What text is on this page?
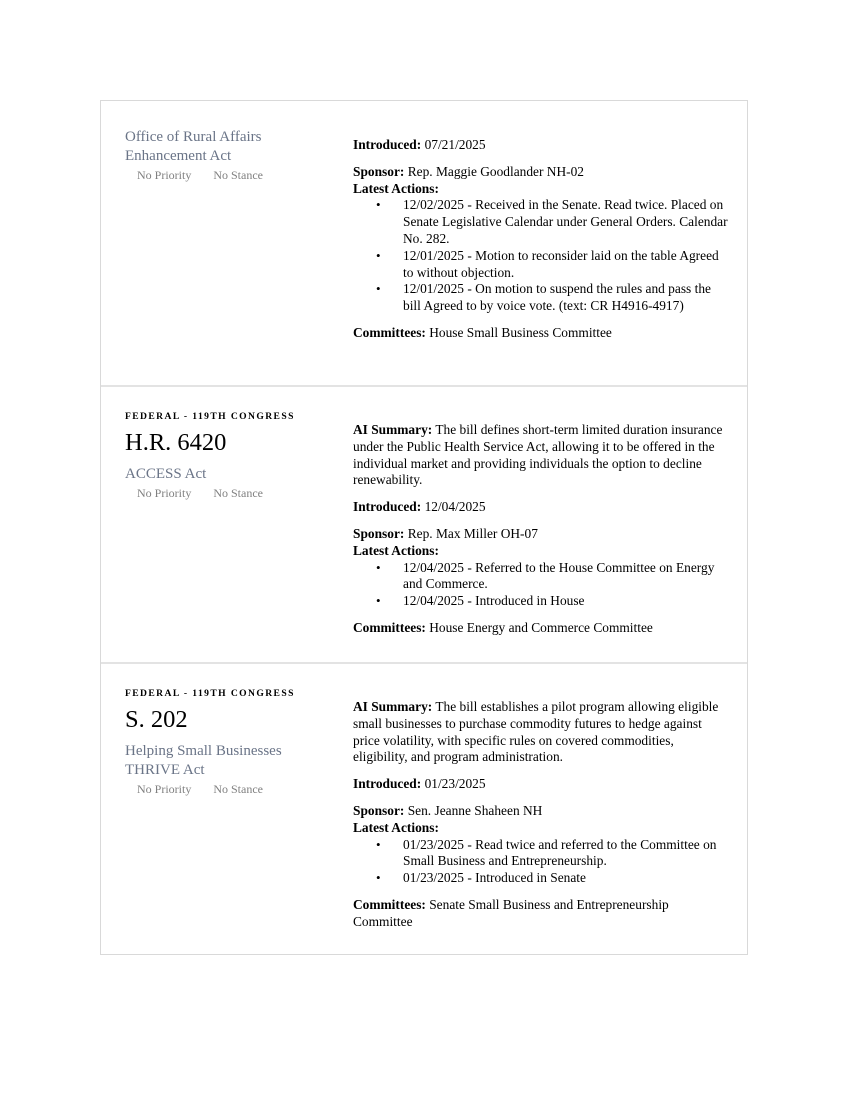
Office of Rural Affairs Enhancement Act
No Priority No Stance
Introduced: 07/21/2025
Sponsor: Rep. Maggie Goodlander NH-02
Latest Actions:
• 12/02/2025 - Received in the Senate. Read twice. Placed on Senate Legislative Calendar under General Orders. Calendar No. 282.
• 12/01/2025 - Motion to reconsider laid on the table Agreed to without objection.
• 12/01/2025 - On motion to suspend the rules and pass the bill Agreed to by voice vote. (text: CR H4916-4917)
Committees: House Small Business Committee
FEDERAL - 119TH CONGRESS
H.R. 6420
ACCESS Act
No Priority No Stance
AI Summary: The bill defines short-term limited duration insurance under the Public Health Service Act, allowing it to be offered in the individual market and providing individuals the option to decline renewability.
Introduced: 12/04/2025
Sponsor: Rep. Max Miller OH-07
Latest Actions:
• 12/04/2025 - Referred to the House Committee on Energy and Commerce.
• 12/04/2025 - Introduced in House
Committees: House Energy and Commerce Committee
FEDERAL - 119TH CONGRESS
S. 202
Helping Small Businesses THRIVE Act
No Priority No Stance
AI Summary: The bill establishes a pilot program allowing eligible small businesses to purchase commodity futures to hedge against price volatility, with specific rules on covered commodities, eligibility, and program administration.
Introduced: 01/23/2025
Sponsor: Sen. Jeanne Shaheen NH
Latest Actions:
• 01/23/2025 - Read twice and referred to the Committee on Small Business and Entrepreneurship.
• 01/23/2025 - Introduced in Senate
Committees: Senate Small Business and Entrepreneurship Committee
